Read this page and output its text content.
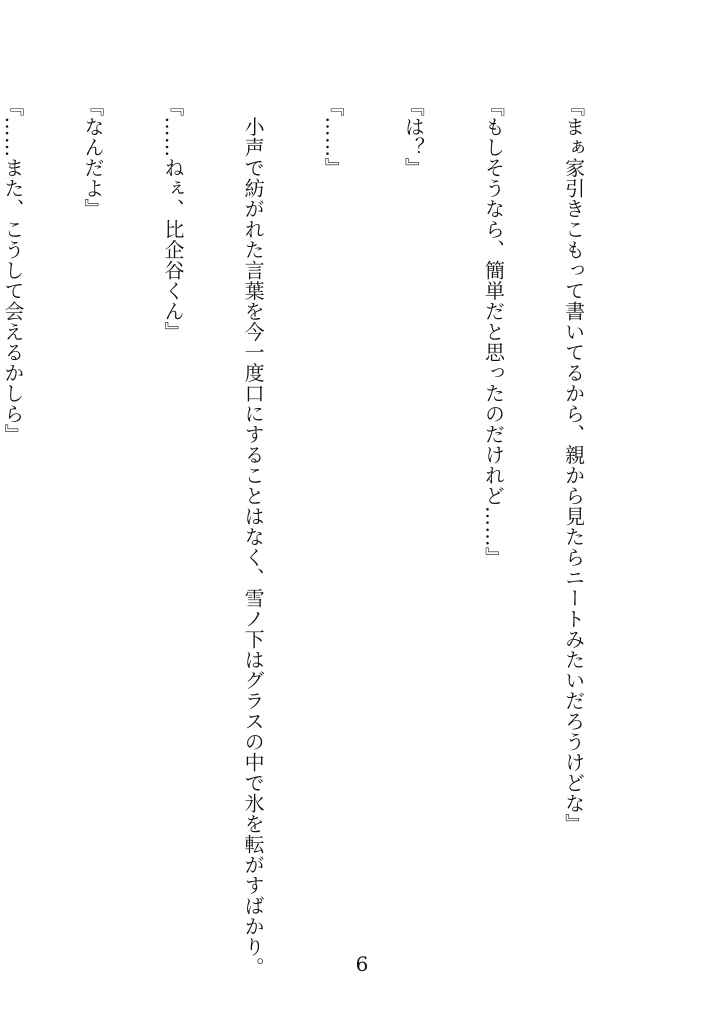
『まぁ家引きこもって書いてるから、親から見たらニートみたいだろうけどな』

『もしそうなら、簡単だと思ったのだけれど……』

『は？』

『……』

　小声で紡がれた言葉を今一度口にすることはなく、雪ノ下はグラスの中で氷を転がすばかり。

『……ねぇ、比企谷くん』

『なんだよ』

『……また、こうして会えるかしら』

6
